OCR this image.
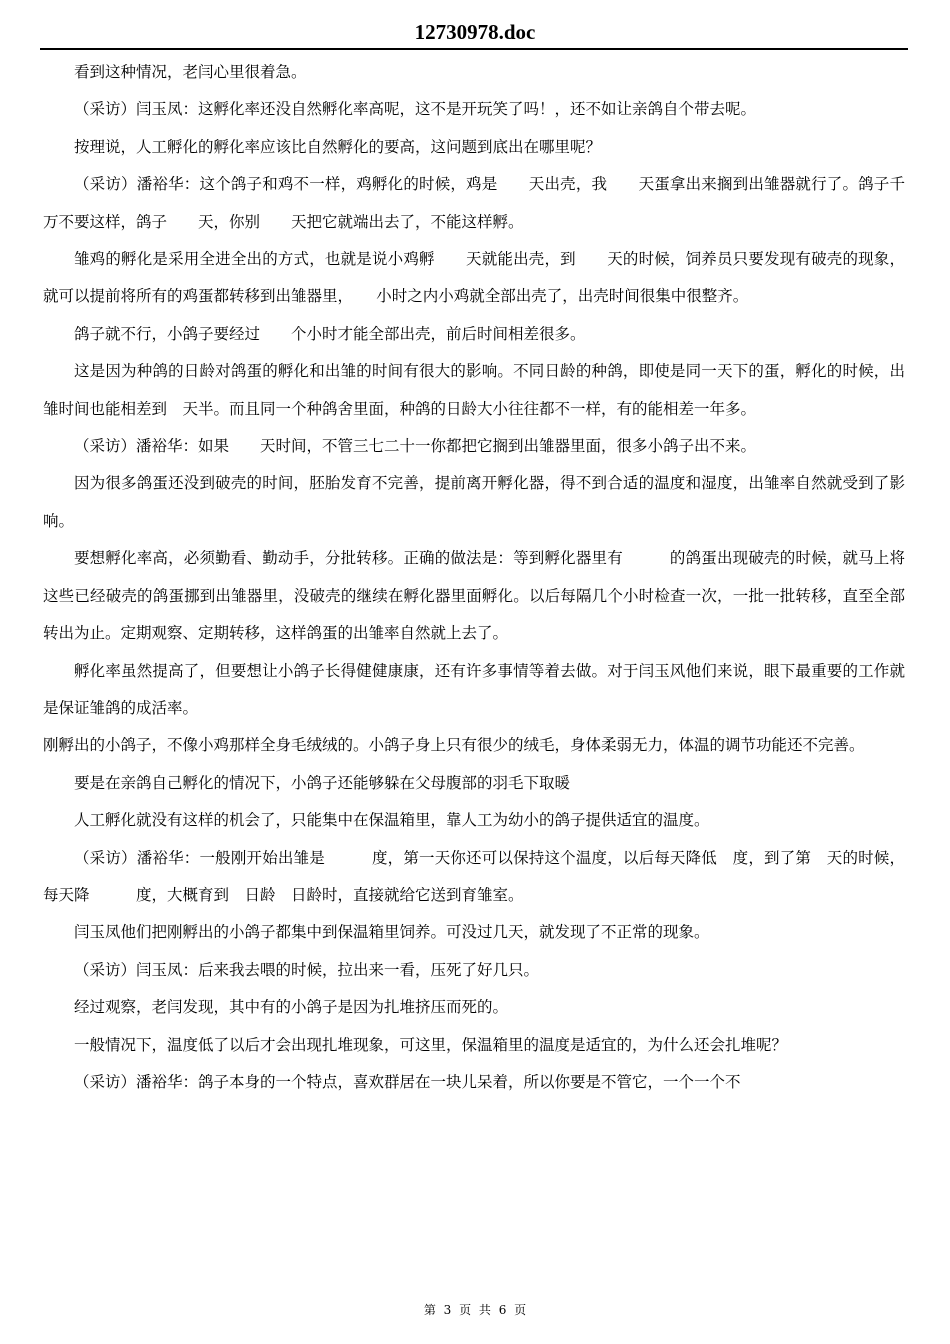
12730978.doc

看到这种情况，老闫心里很着急。

（采访）闫玉凤：这孵化率还没自然孵化率高呢，这不是开玩笑了吗！，还不如让亲鸽自个带去呢。

按理说，人工孵化的孵化率应该比自然孵化的要高，这问题到底出在哪里呢？

（采访）潘裕华：这个鸽子和鸡不一样，鸡孵化的时候，鸡是　　天出壳，我　　天蛋拿出来搁到出雏器就行了。鸽子千万不要这样，鸽子　　天，你别　　天把它就端出去了，不能这样孵。

雏鸡的孵化是采用全进全出的方式，也就是说小鸡孵　　天就能出壳，到　　天的时候，饲养员只要发现有破壳的现象，就可以提前将所有的鸡蛋都转移到出雏器里，　　小时之内小鸡就全部出壳了，出壳时间很集中很整齐。

鸽子就不行，小鸽子要经过　　个小时才能全部出壳，前后时间相差很多。

这是因为种鸽的日龄对鸽蛋的孵化和出雏的时间有很大的影响。不同日龄的种鸽，即使是同一天下的蛋，孵化的时候，出雏时间也能相差到　天半。而且同一个种鸽舍里面，种鸽的日龄大小往往都不一样，有的能相差一年多。

（采访）潘裕华：如果　　天时间，不管三七二十一你都把它搁到出雏器里面，很多小鸽子出不来。

因为很多鸽蛋还没到破壳的时间，胚胎发育不完善，提前离开孵化器，得不到合适的温度和湿度，出雏率自然就受到了影响。

要想孵化率高，必须勤看、勤动手，分批转移。正确的做法是：等到孵化器里有　　　的鸽蛋出现破壳的时候，就马上将这些已经破壳的鸽蛋挪到出雏器里，没破壳的继续在孵化器里面孵化。以后每隔几个小时检查一次，一批一批转移，直至全部转出为止。定期观察、定期转移，这样鸽蛋的出雏率自然就上去了。

孵化率虽然提高了，但要想让小鸽子长得健健康康，还有许多事情等着去做。对于闫玉风他们来说，眼下最重要的工作就是保证雏鸽的成活率。

刚孵出的小鸽子，不像小鸡那样全身毛绒绒的。小鸽子身上只有很少的绒毛，身体柔弱无力，体温的调节功能还不完善。

要是在亲鸽自己孵化的情况下，小鸽子还能够躲在父母腹部的羽毛下取暖

人工孵化就没有这样的机会了，只能集中在保温箱里，靠人工为幼小的鸽子提供适宜的温度。

（采访）潘裕华：一般刚开始出雏是　　　度，第一天你还可以保持这个温度，以后每天降低　度，到了第　天的时候，每天降　　　度，大概育到　日龄　日龄时，直接就给它送到育雏室。

闫玉凤他们把刚孵出的小鸽子都集中到保温箱里饲养。可没过几天，就发现了不正常的现象。

（采访）闫玉凤：后来我去喂的时候，拉出来一看，压死了好几只。

经过观察，老闫发现，其中有的小鸽子是因为扎堆挤压而死的。

一般情况下，温度低了以后才会出现扎堆现象，可这里，保温箱里的温度是适宜的，为什么还会扎堆呢？

（采访）潘裕华：鸽子本身的一个特点，喜欢群居在一块儿呆着，所以你要是不管它，一个一个不

第 3 页 共 6 页
